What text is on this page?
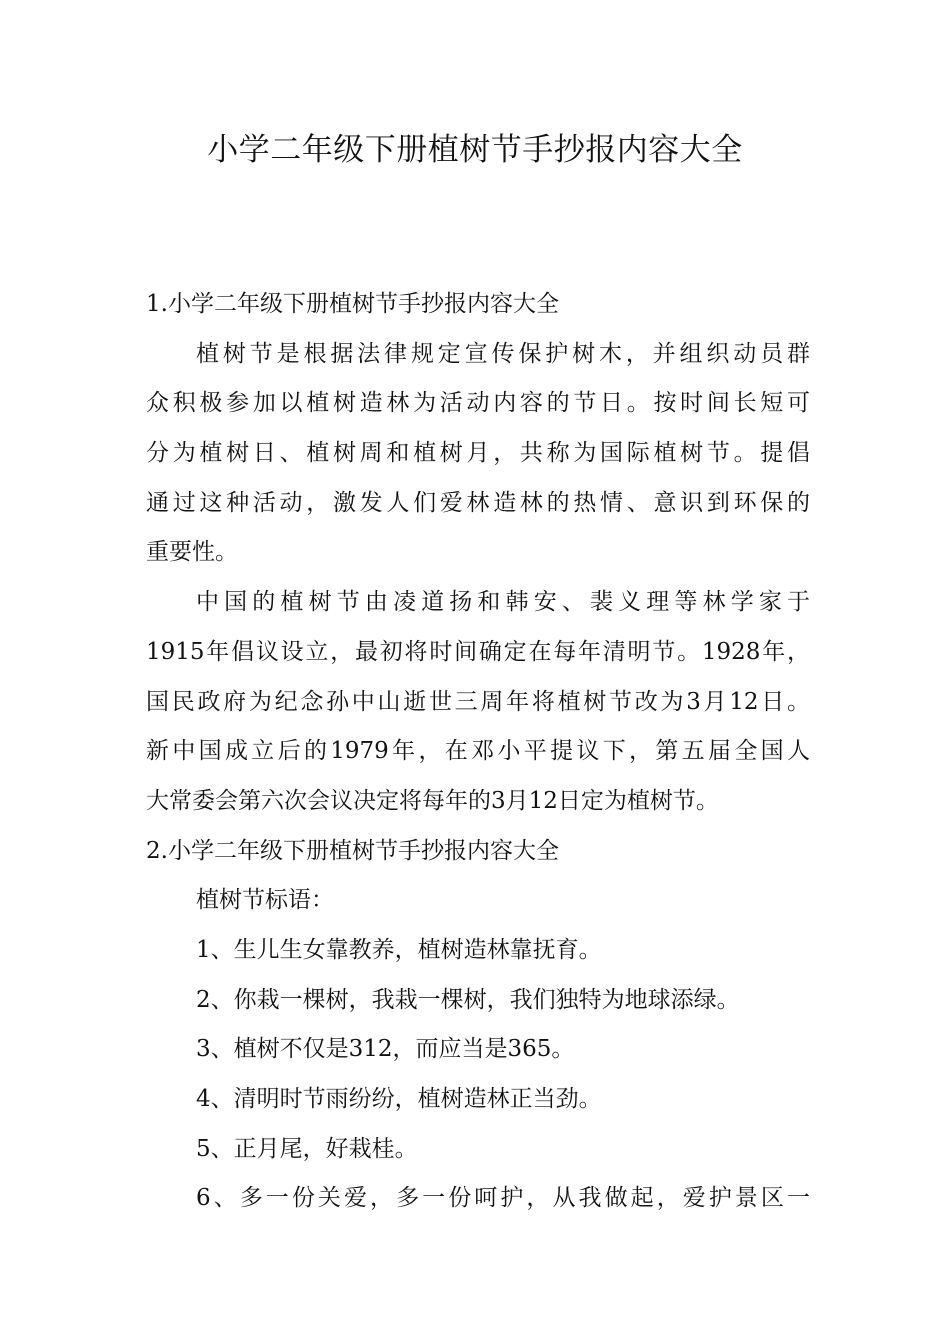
小学二年级下册植树节手抄报内容大全
1.小学二年级下册植树节手抄报内容大全
植树节是根据法律规定宣传保护树木，并组织动员群
众积极参加以植树造林为活动内容的节日。按时间长短可
分为植树日、植树周和植树月，共称为国际植树节。提倡
通过这种活动，激发人们爱林造林的热情、意识到环保的
重要性。
中国的植树节由凌道扬和韩安、裴义理等林学家于
1915年倡议设立，最初将时间确定在每年清明节。1928年，
国民政府为纪念孙中山逝世三周年将植树节改为3月12日。
新中国成立后的1979年，在邓小平提议下，第五届全国人
大常委会第六次会议决定将每年的3月12日定为植树节。
2.小学二年级下册植树节手抄报内容大全
植树节标语：
1、生儿生女靠教养，植树造林靠抚育。
2、你栽一棵树，我栽一棵树，我们独特为地球添绿。
3、植树不仅是312，而应当是365。
4、清明时节雨纷纷，植树造林正当劲。
5、正月尾，好栽桂。
6、多一份关爱，多一份呵护，从我做起，爱护景区一
